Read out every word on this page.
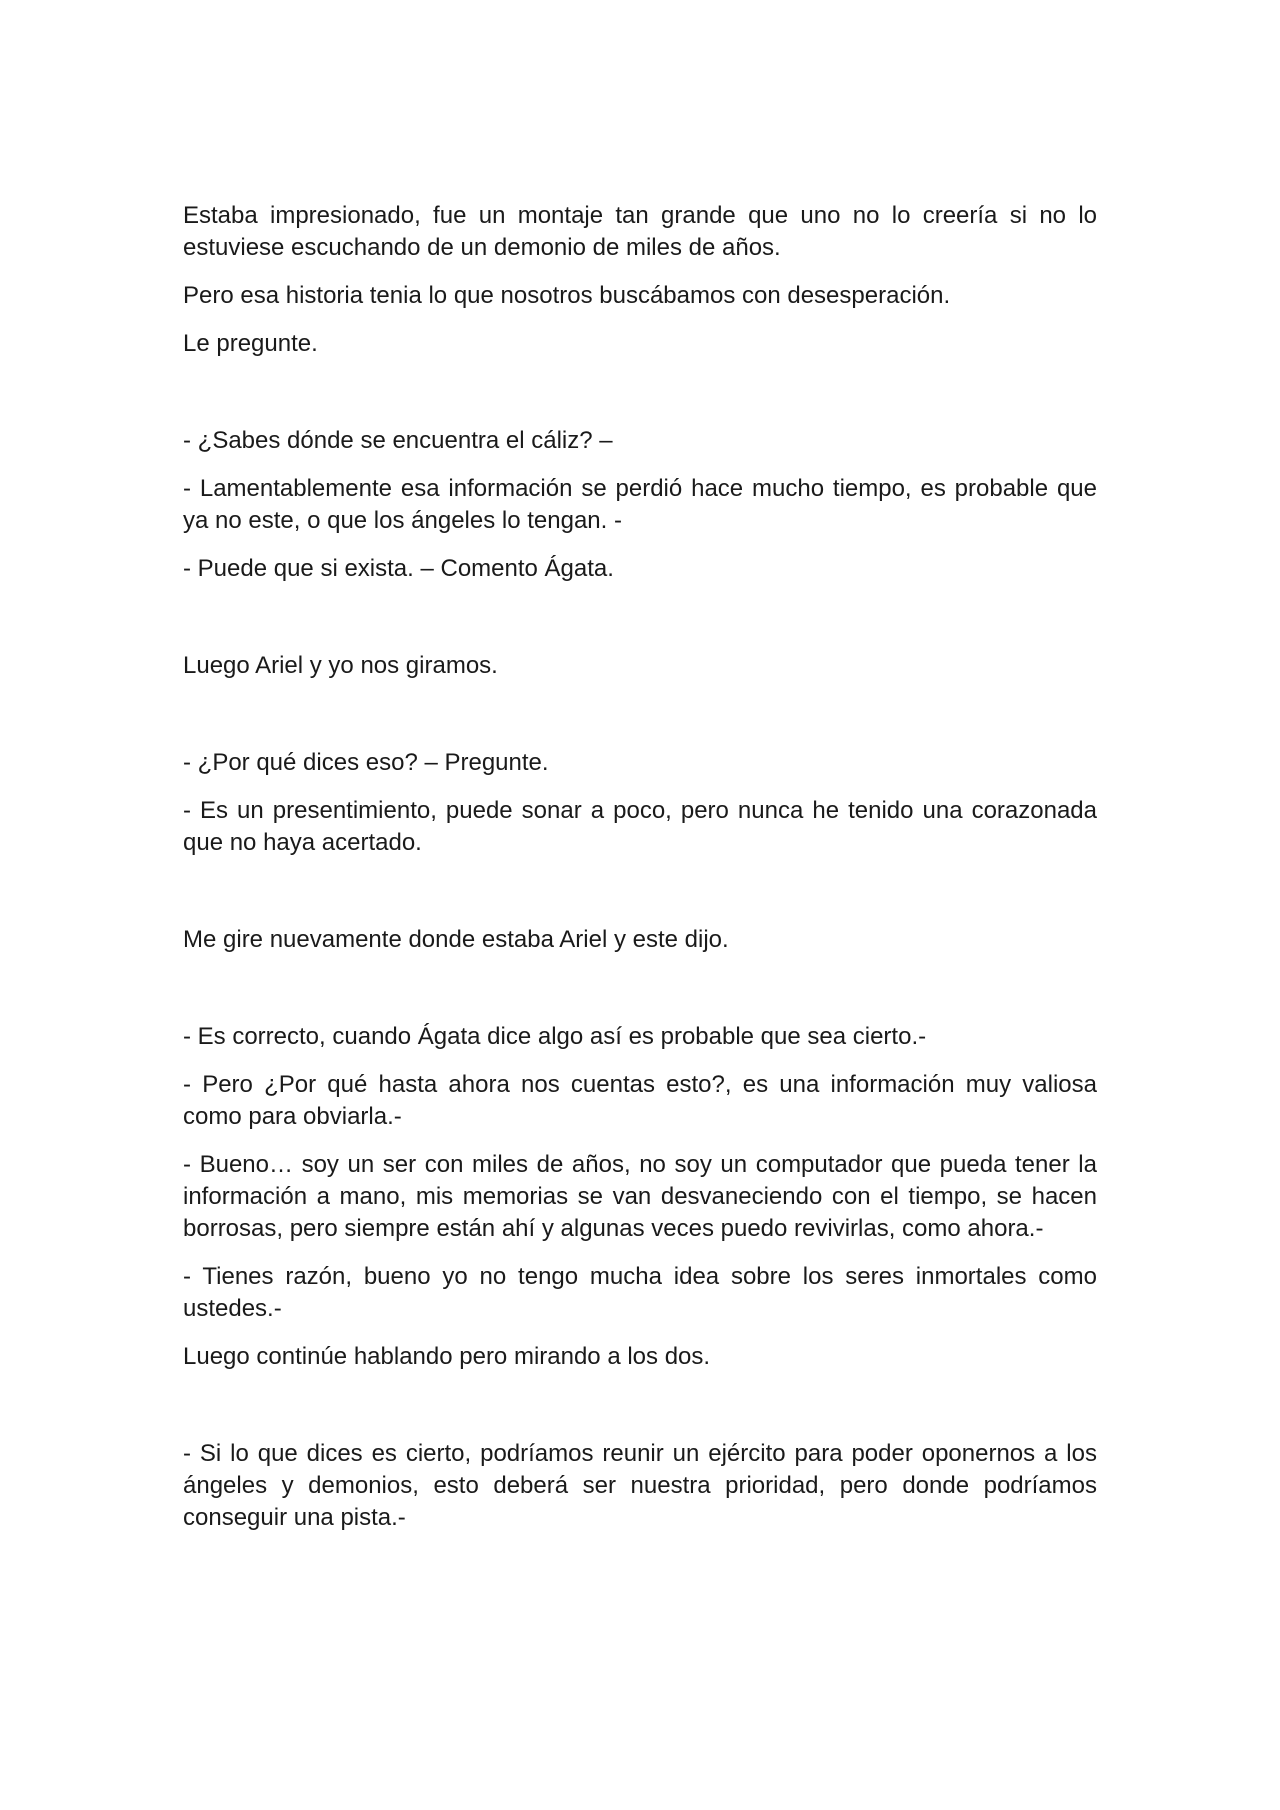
Estaba impresionado, fue un montaje tan grande que uno no lo creería si no lo estuviese escuchando de un demonio de miles de años.

Pero esa historia tenia lo que nosotros buscábamos con desesperación.

Le pregunte.

- ¿Sabes dónde se encuentra el cáliz? –

- Lamentablemente esa información se perdió hace mucho tiempo, es probable que ya no este, o que los ángeles lo tengan. -

- Puede que si exista. – Comento Ágata.

Luego Ariel y yo nos giramos.

- ¿Por qué dices eso? – Pregunte.

- Es un presentimiento, puede sonar a poco, pero nunca he tenido una corazonada que no haya acertado.

Me gire nuevamente donde estaba Ariel y este dijo.

- Es correcto, cuando Ágata dice algo así es probable que sea cierto.-

- Pero ¿Por qué hasta ahora nos cuentas esto?, es una información muy valiosa como para obviarla.-

- Bueno… soy un ser con miles de años, no soy un computador que pueda tener la información a mano, mis memorias se van desvaneciendo con el tiempo, se hacen borrosas, pero siempre están ahí y algunas veces puedo revivirlas, como ahora.-

- Tienes razón, bueno yo no tengo mucha idea sobre los seres inmortales como ustedes.-

Luego continúe hablando pero mirando a los dos.

- Si lo que dices es cierto, podríamos reunir un ejército para poder oponernos a los ángeles y demonios, esto deberá ser nuestra prioridad, pero donde podríamos conseguir una pista.-
